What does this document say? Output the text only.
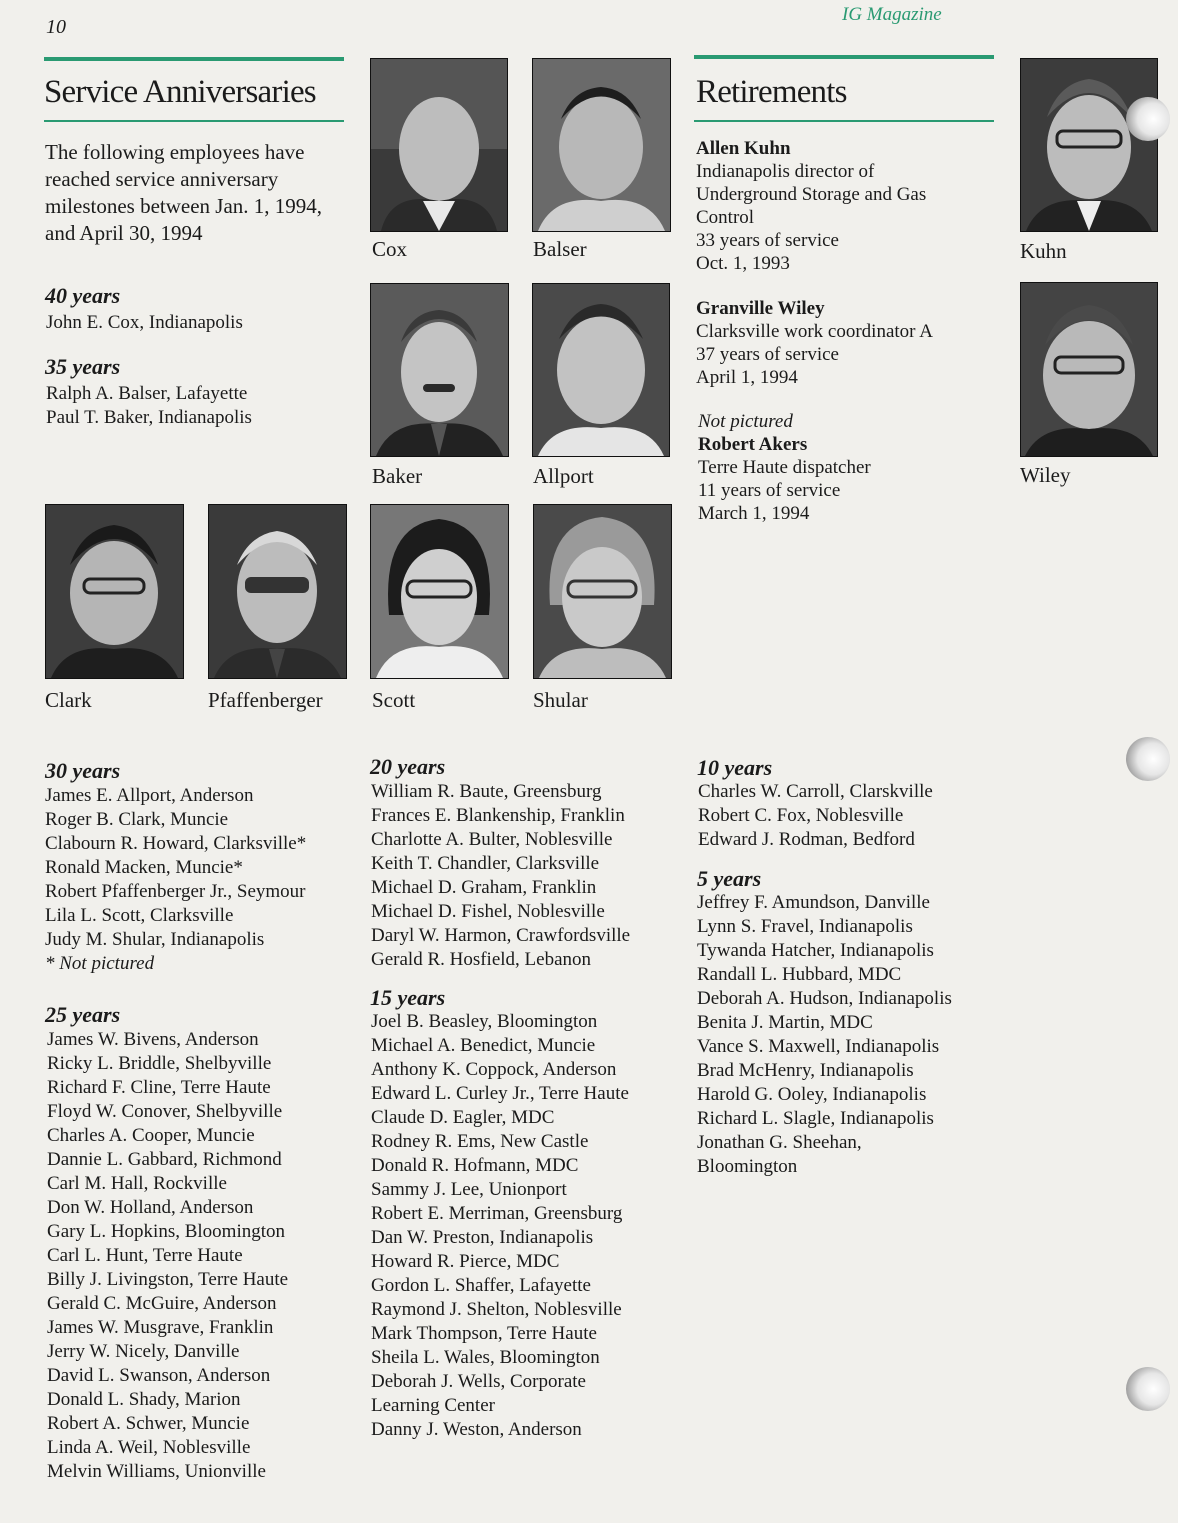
10
IG Magazine
Service Anniversaries
The following employees have reached service anniversary milestones between Jan. 1, 1994, and April 30, 1994
40 years
John E. Cox, Indianapolis
35 years
Ralph A. Balser, Lafayette
Paul T. Baker, Indianapolis
Cox	Balser
Baker	Allport
Clark	Pfaffenberger Scott	Shular
Retirements
Allen Kuhn
Indianapolis director of
Underground Storage and Gas
Control
33 years of service
Oct. 1, 1993
Granville Wiley
Clarksville work coordinator A
37 years of service
April 1, 1994
Not pictured
Robert Akers
Terre Haute dispatcher
11 years of service
March 1, 1994
Kuhn
Wiley
30 years
James E. Allport, Anderson
Roger B. Clark, Muncie
Clabourn R. Howard, Clarksville*
Ronald Macken, Muncie*
Robert Pfaffenberger Jr., Seymour
Lila L. Scott, Clarksville
Judy M. Shular, Indianapolis
* Not pictured
25 years
James W. Bivens, Anderson
Ricky L. Briddle, Shelbyville
Richard F. Cline, Terre Haute
Floyd W. Conover, Shelbyville
Charles A. Cooper, Muncie
Dannie L. Gabbard, Richmond
Carl M. Hall, Rockville
Don W. Holland, Anderson
Gary L. Hopkins, Bloomington
Carl L. Hunt, Terre Haute
Billy J. Livingston, Terre Haute
Gerald C. McGuire, Anderson
James W. Musgrave, Franklin
Jerry W. Nicely, Danville
David L. Swanson, Anderson
Donald L. Shady, Marion
Robert A. Schwer, Muncie
Linda A. Weil, Noblesville
Melvin Williams, Unionville
20 years
William R. Baute, Greensburg
Frances E. Blankenship, Franklin
Charlotte A. Bulter, Noblesville
Keith T. Chandler, Clarksville
Michael D. Graham, Franklin
Michael D. Fishel, Noblesville
Daryl W. Harmon, Crawfordsville
Gerald R. Hosfield, Lebanon
15 years
Joel B. Beasley, Bloomington
Michael A. Benedict, Muncie
Anthony K. Coppock, Anderson
Edward L. Curley Jr., Terre Haute
Claude D. Eagler, MDC
Rodney R. Ems, New Castle
Donald R. Hofmann, MDC
Sammy J. Lee, Unionport
Robert E. Merriman, Greensburg
Dan W. Preston, Indianapolis
Howard R. Pierce, MDC
Gordon L. Shaffer, Lafayette
Raymond J. Shelton, Noblesville
Mark Thompson, Terre Haute
Sheila L. Wales, Bloomington
Deborah J. Wells, Corporate
Learning Center
Danny J. Weston, Anderson
10 years
Charles W. Carroll, Clarskville
Robert C. Fox, Noblesville
Edward J. Rodman, Bedford
5 years
Jeffrey F. Amundson, Danville
Lynn S. Fravel, Indianapolis
Tywanda Hatcher, Indianapolis
Randall L. Hubbard, MDC
Deborah A. Hudson, Indianapolis
Benita J. Martin, MDC
Vance S. Maxwell, Indianapolis
Brad McHenry, Indianapolis
Harold G. Ooley, Indianapolis
Richard L. Slagle, Indianapolis
Jonathan G. Sheehan,
Bloomington
